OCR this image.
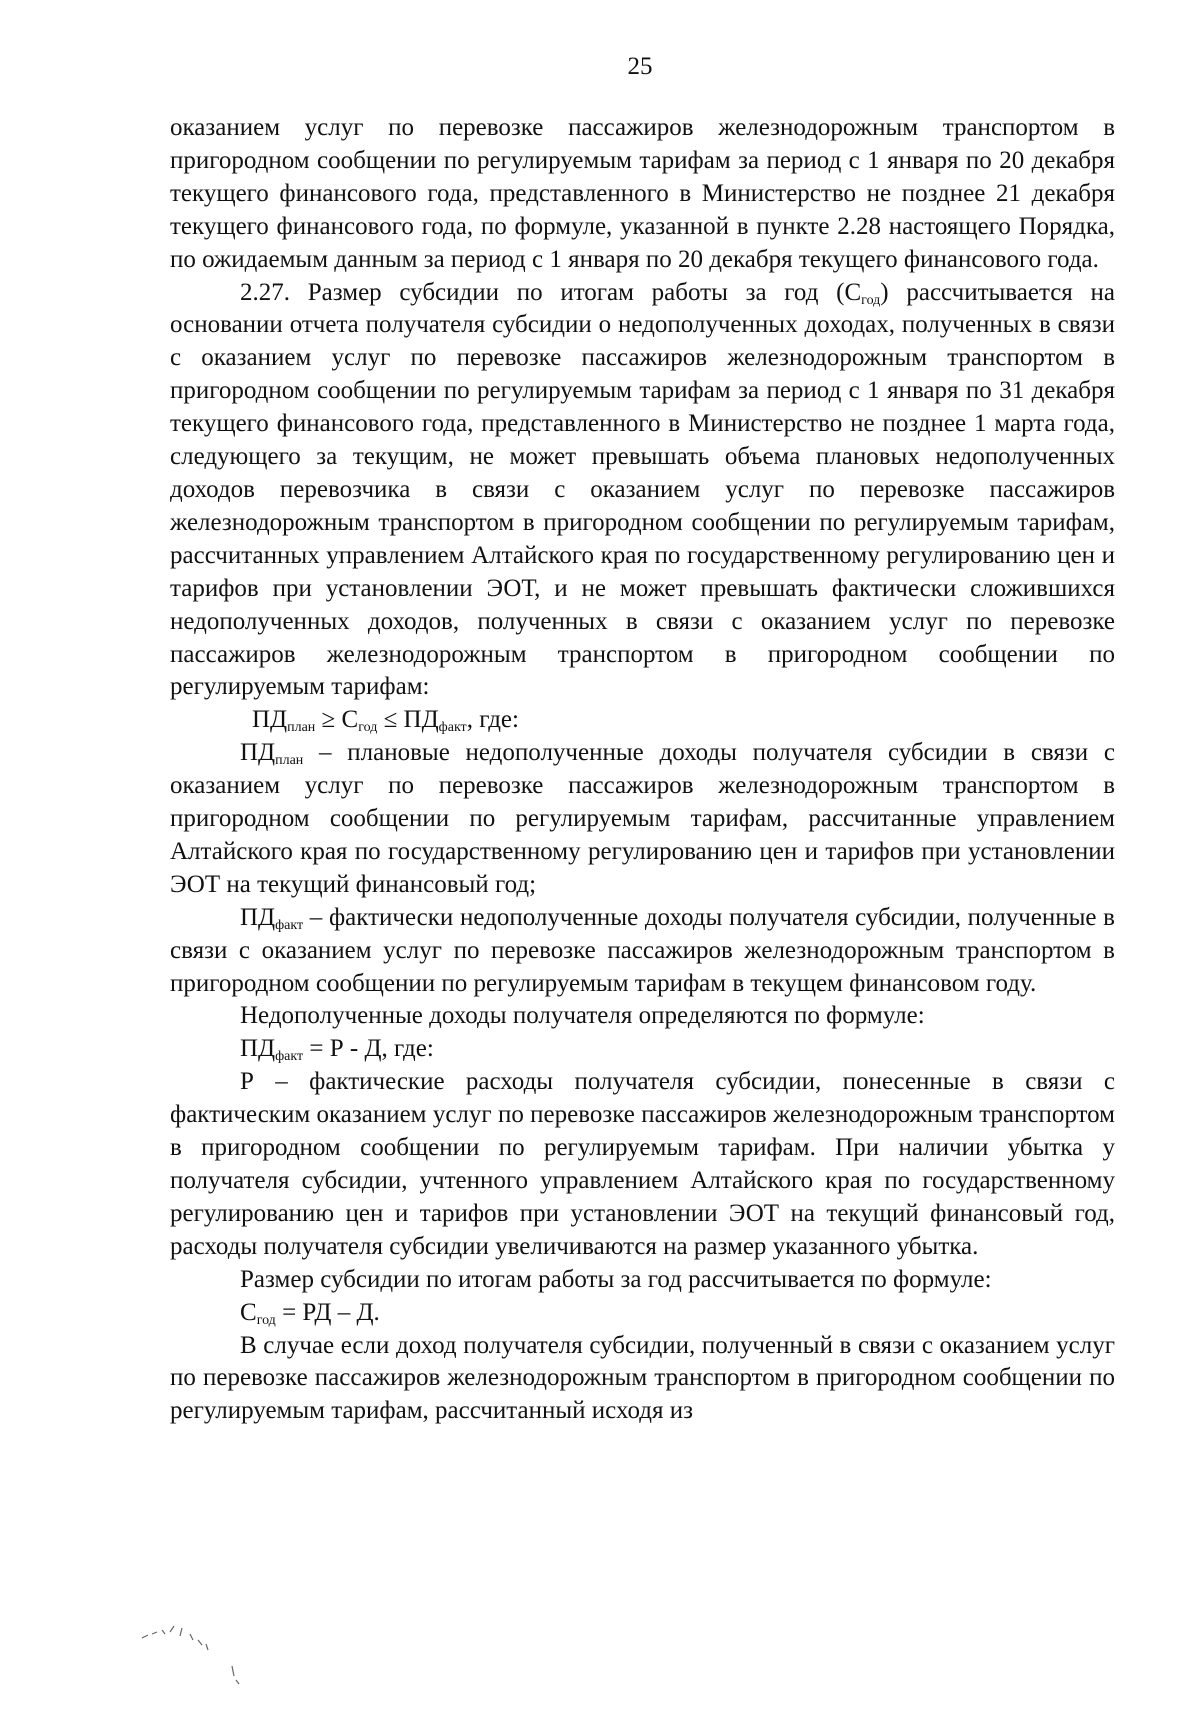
25

оказанием услуг по перевозке пассажиров железнодорожным транспортом в пригородном сообщении по регулируемым тарифам за период с 1 января по 20 декабря текущего финансового года, представленного в Министерство не позднее 21 декабря текущего финансового года, по формуле, указанной в пункте 2.28 настоящего Порядка, по ожидаемым данным за период с 1 января по 20 декабря текущего финансового года.

2.27. Размер субсидии по итогам работы за год $(С_{год})$ рассчитывается на основании отчета получателя субсидии о недополученных доходах, полученных в связи с оказанием услуг по перевозке пассажиров железнодорожным транспортом в пригородном сообщении по регулируемым тарифам за период с 1 января по 31 декабря текущего финансового года, представленного в Министерство не позднее 1 марта года, следующего за текущим, не может превышать объема плановых недополученных доходов перевозчика в связи с оказанием услуг по перевозке пассажиров железнодорожным транспортом в пригородном сообщении по регулируемым тарифам, рассчитанных управлением Алтайского края по государственному регулированию цен и тарифов при установлении ЭОТ, и не может превышать фактически сложившихся недополученных доходов, полученных в связи с оказанием услуг по перевозке пассажиров железнодорожным транспортом в пригородном сообщении по регулируемым тарифам:

$ПД_{план} \ge С_{год} \le ПД_{факт}$, где:

$ПД_{план}$ – плановые недополученные доходы получателя субсидии в связи с оказанием услуг по перевозке пассажиров железнодорожным транспортом в пригородном сообщении по регулируемым тарифам, рассчитанные управлением Алтайского края по государственному регулированию цен и тарифов при установлении ЭОТ на текущий финансовый год;

$ПД_{факт}$ – фактически недополученные доходы получателя субсидии, полученные в связи с оказанием услуг по перевозке пассажиров железнодорожным транспортом в пригородном сообщении по регулируемым тарифам в текущем финансовом году.

Недополученные доходы получателя определяются по формуле:

$ПД_{факт} = Р - Д$, где:

Р – фактические расходы получателя субсидии, понесенные в связи с фактическим оказанием услуг по перевозке пассажиров железнодорожным транспортом в пригородном сообщении по регулируемым тарифам. При наличии убытка у получателя субсидии, учтенного управлением Алтайского края по государственному регулированию цен и тарифов при установлении ЭОТ на текущий финансовый год, расходы получателя субсидии увеличиваются на размер указанного убытка.

Размер субсидии по итогам работы за год рассчитывается по формуле:

$С_{год}$ = РД – Д.

В случае если доход получателя субсидии, полученный в связи с оказанием услуг по перевозке пассажиров железнодорожным транспортом в пригородном сообщении по регулируемым тарифам, рассчитанный исходя из
